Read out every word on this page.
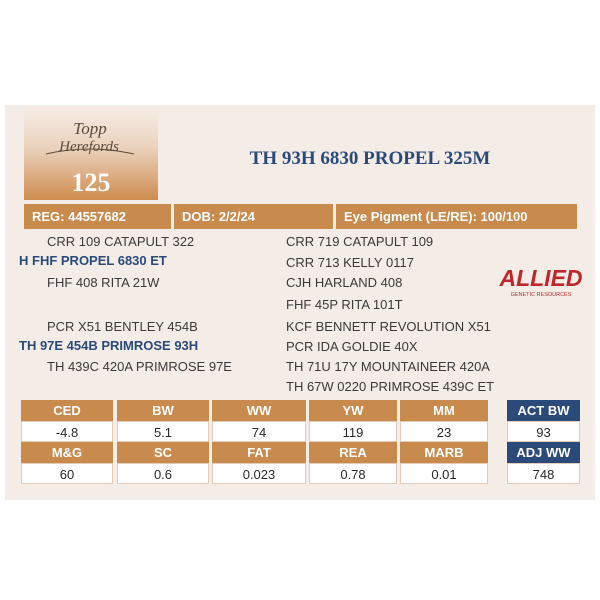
Topp
Herefords
125
TH 93H 6830 PROPEL 325M
REG: 44557682	DOB: 2/2/24	Eye Pigment (LE/RE): 100/100
CRR 109 CATAPULT 322
H FHF PROPEL 6830 ET
FHF 408 RITA 21W
PCR X51 BENTLEY 454B
TH 97E 454B PRIMROSE 93H
TH 439C 420A PRIMROSE 97E
CRR 719 CATAPULT 109
CRR 713 KELLY 0117
CJH HARLAND 408
FHF 45P RITA 101T
KCF BENNETT REVOLUTION X51
PCR IDA GOLDIE 40X
TH 71U 17Y MOUNTAINEER 420A
TH 67W 0220 PRIMROSE 439C ET
ALLIED
GENETIC RESOURCES
CED	BW	WW	YW	MM
-4.8	5.1	74	119	23
M&G	SC	FAT	REA	MARB
60	0.6	0.023	0.78	0.01
ACT BW
93
ADJ WW
748
